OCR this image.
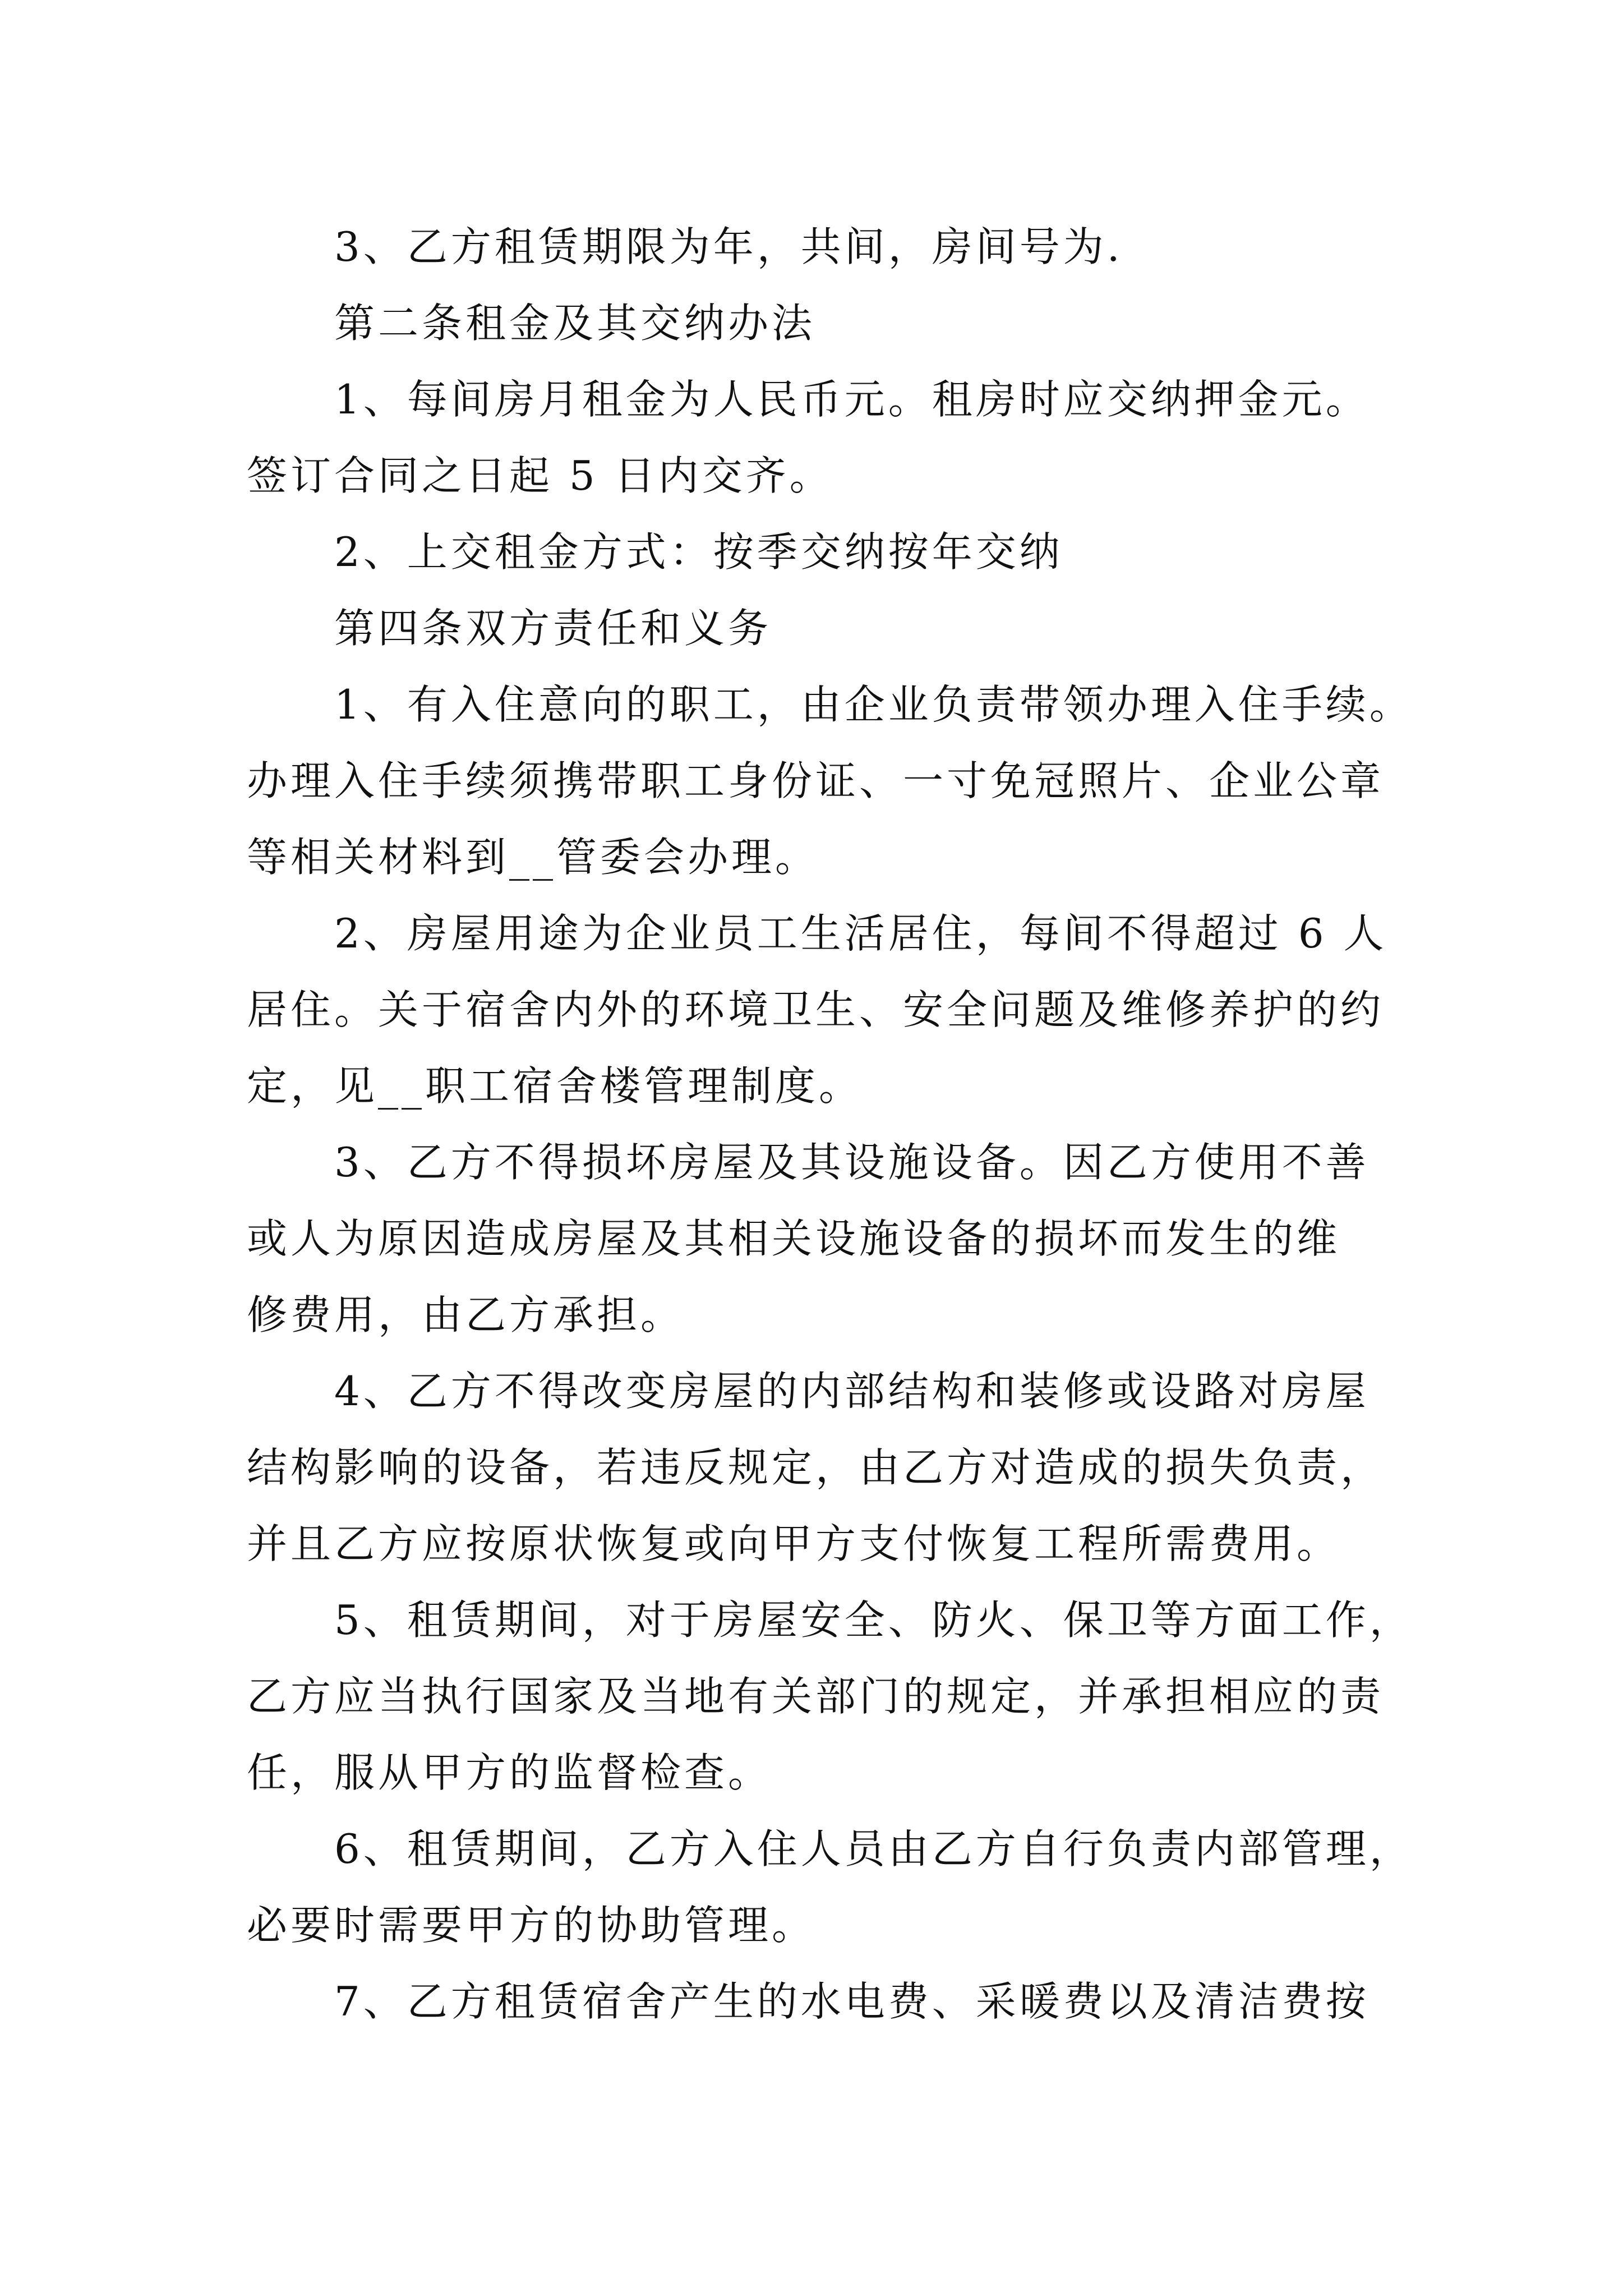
3、乙方租赁期限为年，共间，房间号为.

第二条租金及其交纳办法

1、每间房月租金为人民币元。租房时应交纳押金元。
签订合同之日起 5 日内交齐。

2、上交租金方式：按季交纳按年交纳

第四条双方责任和义务

1、有入住意向的职工，由企业负责带领办理入住手续。
办理入住手续须携带职工身份证、一寸免冠照片、企业公章
等相关材料到__管委会办理。

2、房屋用途为企业员工生活居住，每间不得超过 6 人
居住。关于宿舍内外的环境卫生、安全问题及维修养护的约
定，见__职工宿舍楼管理制度。

3、乙方不得损坏房屋及其设施设备。因乙方使用不善
或人为原因造成房屋及其相关设施设备的损坏而发生的维
修费用，由乙方承担。

4、乙方不得改变房屋的内部结构和装修或设路对房屋
结构影响的设备，若违反规定，由乙方对造成的损失负责，
并且乙方应按原状恢复或向甲方支付恢复工程所需费用。

5、租赁期间，对于房屋安全、防火、保卫等方面工作，
乙方应当执行国家及当地有关部门的规定，并承担相应的责
任，服从甲方的监督检查。

6、租赁期间，乙方入住人员由乙方自行负责内部管理，
必要时需要甲方的协助管理。

7、乙方租赁宿舍产生的水电费、采暖费以及清洁费按
